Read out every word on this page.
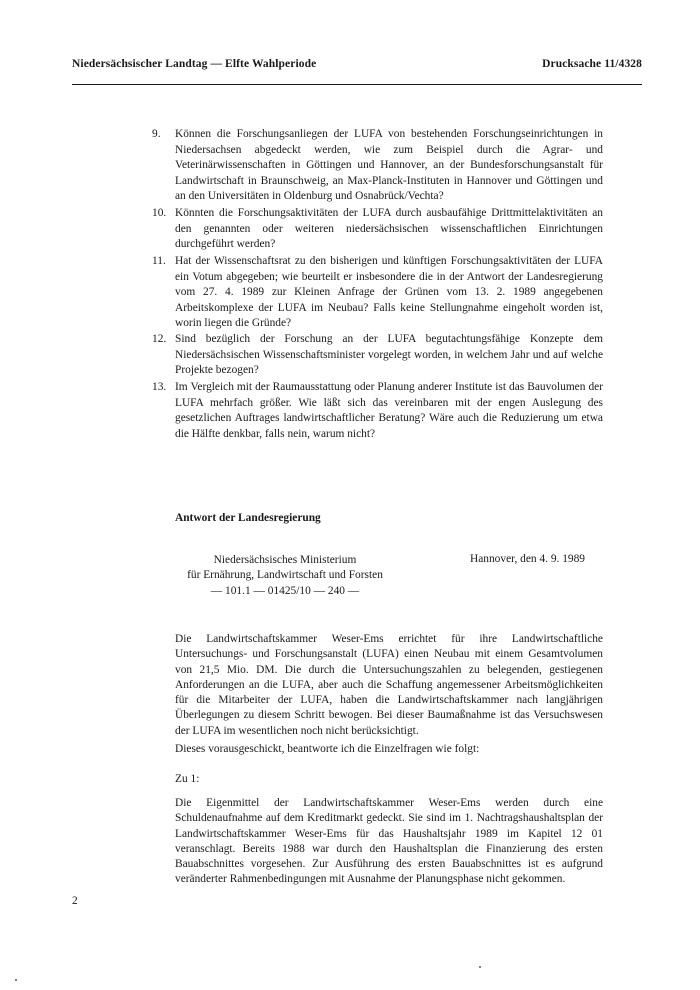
Niedersächsischer Landtag — Elfte Wahlperiode	Drucksache 11/4328
9.	Können die Forschungsanliegen der LUFA von bestehenden Forschungseinrichtungen in Niedersachsen abgedeckt werden, wie zum Beispiel durch die Agrar- und Veterinärwissenschaften in Göttingen und Hannover, an der Bundesforschungsanstalt für Landwirtschaft in Braunschweig, an Max-Planck-Instituten in Hannover und Göttingen und an den Universitäten in Oldenburg und Osnabrück/Vechta?
10. Könnten die Forschungsaktivitäten der LUFA durch ausbaufähige Drittmittelaktivitäten an den genannten oder weiteren niedersächsischen wissenschaftlichen Einrichtungen durchgeführt werden?
11. Hat der Wissenschaftsrat zu den bisherigen und künftigen Forschungsaktivitäten der LUFA ein Votum abgegeben; wie beurteilt er insbesondere die in der Antwort der Landesregierung vom 27. 4. 1989 zur Kleinen Anfrage der Grünen vom 13. 2. 1989 angegebenen Arbeitskomplexe der LUFA im Neubau? Falls keine Stellungnahme eingeholt worden ist, worin liegen die Gründe?
12. Sind bezüglich der Forschung an der LUFA begutachtungsfähige Konzepte dem Niedersächsischen Wissenschaftsminister vorgelegt worden, in welchem Jahr und auf welche Projekte bezogen?
13. Im Vergleich mit der Raumausstattung oder Planung anderer Institute ist das Bauvolumen der LUFA mehrfach größer. Wie läßt sich das vereinbaren mit der engen Auslegung des gesetzlichen Auftrages landwirtschaftlicher Beratung? Wäre auch die Reduzierung um etwa die Hälfte denkbar, falls nein, warum nicht?
Antwort der Landesregierung
Niedersächsisches Ministerium
für Ernährung, Landwirtschaft und Forsten
— 101.1 — 01425/10 — 240 —
Hannover, den 4. 9. 1989
Die Landwirtschaftskammer Weser-Ems errichtet für ihre Landwirtschaftliche Untersuchungs- und Forschungsanstalt (LUFA) einen Neubau mit einem Gesamtvolumen von 21,5 Mio. DM. Die durch die Untersuchungszahlen zu belegenden, gestiegenen Anforderungen an die LUFA, aber auch die Schaffung angemessener Arbeitsmöglichkeiten für die Mitarbeiter der LUFA, haben die Landwirtschaftskammer nach langjährigen Überlegungen zu diesem Schritt bewogen. Bei dieser Baumaßnahme ist das Versuchswesen der LUFA im wesentlichen noch nicht berücksichtigt.
Dieses vorausgeschickt, beantworte ich die Einzelfragen wie folgt:
Zu 1:
Die Eigenmittel der Landwirtschaftskammer Weser-Ems werden durch eine Schuldenaufnahme auf dem Kreditmarkt gedeckt. Sie sind im 1. Nachtragshaushaltsplan der Landwirtschaftskammer Weser-Ems für das Haushaltsjahr 1989 im Kapitel 12 01 veranschlagt. Bereits 1988 war durch den Haushaltsplan die Finanzierung des ersten Bauabschnittes vorgesehen. Zur Ausführung des ersten Bauabschnittes ist es aufgrund veränderter Rahmenbedingungen mit Ausnahme der Planungsphase nicht gekommen.
2
